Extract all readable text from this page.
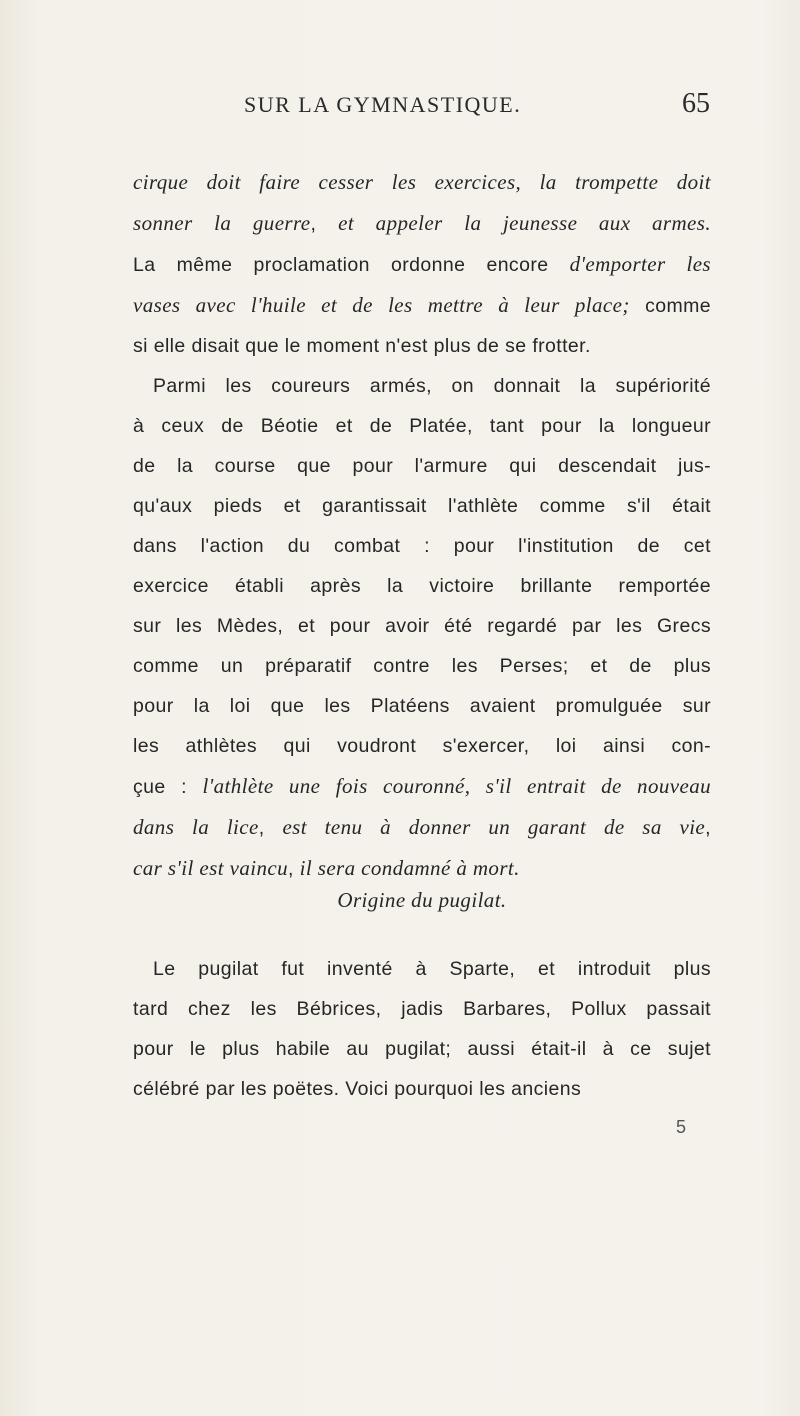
SUR LA GYMNASTIQUE.	65

cirque doit faire cesser les exercices, la trompette doit

sonner la guerre, et appeler la jeunesse aux armes.

La même proclamation ordonne encore d'emporter les

vases avec l'huile et de les mettre à leur place; comme

si elle disait que le moment n'est plus de se frotter.

Parmi les coureurs armés, on donnait la supériorité

à ceux de Béotie et de Platée, tant pour la longueur

de la course que pour l'armure qui descendait jus-

qu'aux pieds et garantissait l'athlète comme s'il était

dans l'action du combat : pour l'institution de cet

exercice établi après la victoire brillante remportée

sur les Mèdes, et pour avoir été regardé par les Grecs

comme un préparatif contre les Perses; et de plus

pour la loi que les Platéens avaient promulguée sur

les athlètes qui voudront s'exercer, loi ainsi con-

çue : l'athlète une fois couronné, s'il entrait de nouveau

dans la lice, est tenu à donner un garant de sa vie,

car s'il est vaincu, il sera condamné à mort.

Origine du pugilat.

Le pugilat fut inventé à Sparte, et introduit plus

tard chez les Bébrices, jadis Barbares, Pollux passait

pour le plus habile au pugilat; aussi était-il à ce sujet

célébré par les poëtes. Voici pourquoi les anciens

5
